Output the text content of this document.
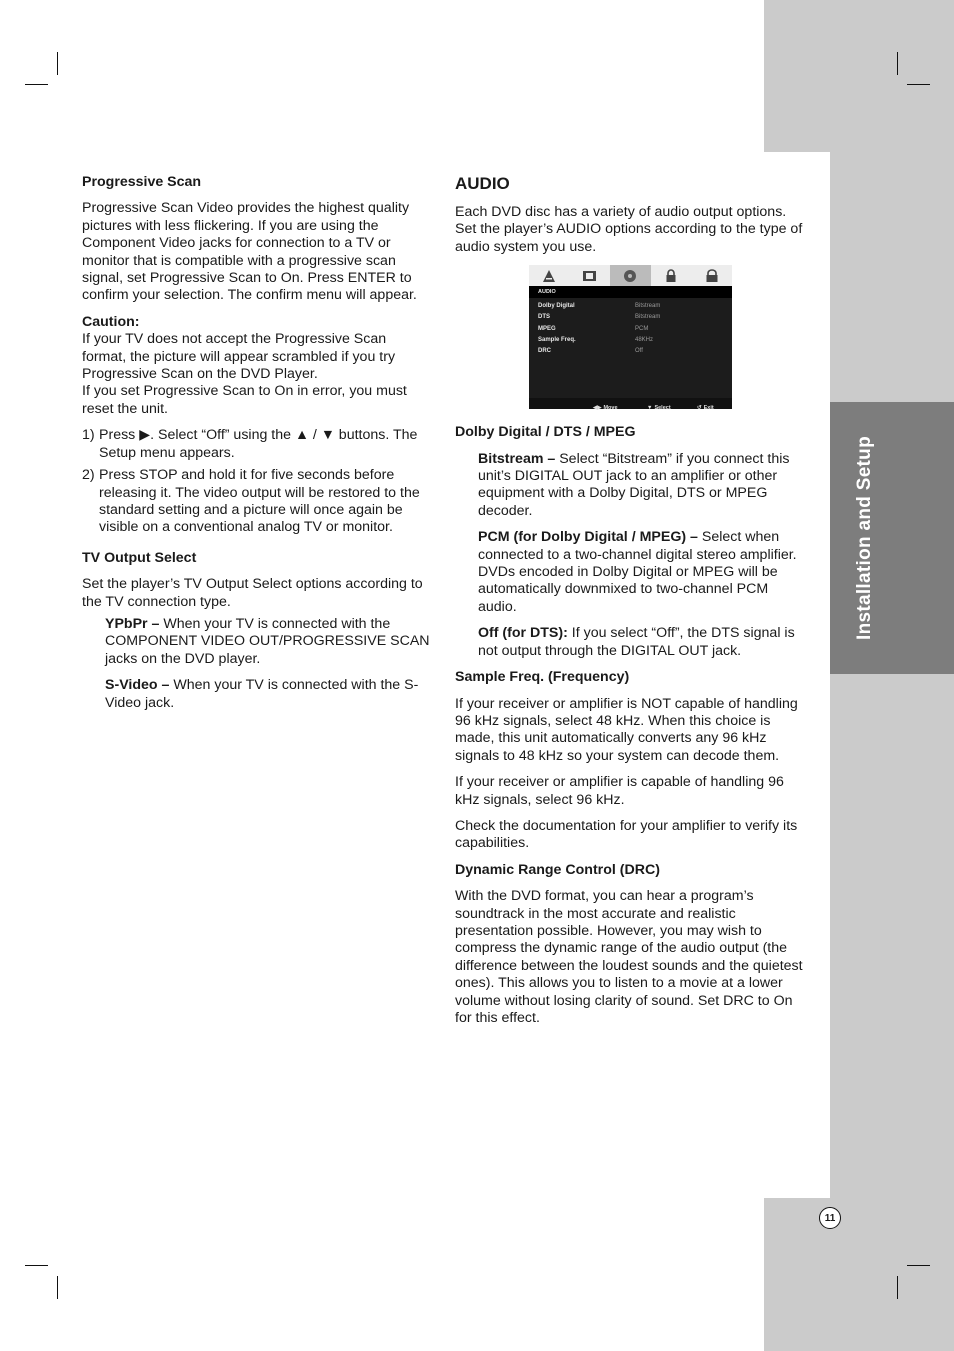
Installation and Setup
11
Progressive Scan

Progressive Scan Video provides the highest quality pictures with less flickering. If you are using the Component Video jacks for connection to a TV or monitor that is compatible with a progressive scan signal, set Progressive Scan to On. Press ENTER to confirm your selection. The confirm menu will appear.

Caution:
If your TV does not accept the Progressive Scan format, the picture will appear scrambled if you try Progressive Scan on the DVD Player.

If you set Progressive Scan to On in error, you must reset the unit.

1) Press ▶. Select “Off” using the ▲ / ▼ buttons. The Setup menu appears.
2) Press STOP and hold it for five seconds before releasing it. The video output will be restored to the standard setting and a picture will once again be visible on a conventional analog TV or monitor.
TV Output Select

Set the player’s TV Output Select options according to the TV connection type.

YPbPr – When your TV is connected with the COMPONENT VIDEO OUT/PROGRESSIVE SCAN jacks on the DVD player.

S-Video – When your TV is connected with the S-Video jack.

AUDIO

Each DVD disc has a variety of audio output options. Set the player’s AUDIO options according to the type of audio system you use.

AUDIO
Dolby Digital	Bitstream
DTS	Bitstream
MPEG	PCM
Sample Freq.	48KHz
DRC	Off
◀▶ Move	▼ Select	↺ Exit
Dolby Digital / DTS / MPEG

Bitstream – Select “Bitstream” if you connect this unit’s DIGITAL OUT jack to an amplifier or other equipment with a Dolby Digital, DTS or MPEG decoder.

PCM (for Dolby Digital / MPEG) – Select when connected to a two-channel digital stereo amplifier. DVDs encoded in Dolby Digital or MPEG will be automatically downmixed to two-channel PCM audio.

Off (for DTS): If you select “Off”, the DTS signal is not output through the DIGITAL OUT jack.

Sample Freq. (Frequency)

If your receiver or amplifier is NOT capable of handling 96 kHz signals, select 48 kHz. When this choice is made, this unit automatically converts any 96 kHz signals to 48 kHz so your system can decode them.

If your receiver or amplifier is capable of handling 96 kHz signals, select 96 kHz.

Check the documentation for your amplifier to verify its capabilities.

Dynamic Range Control (DRC)

With the DVD format, you can hear a program’s soundtrack in the most accurate and realistic presentation possible. However, you may wish to compress the dynamic range of the audio output (the difference between the loudest sounds and the quietest ones). This allows you to listen to a movie at a lower volume without losing clarity of sound. Set DRC to On for this effect.
